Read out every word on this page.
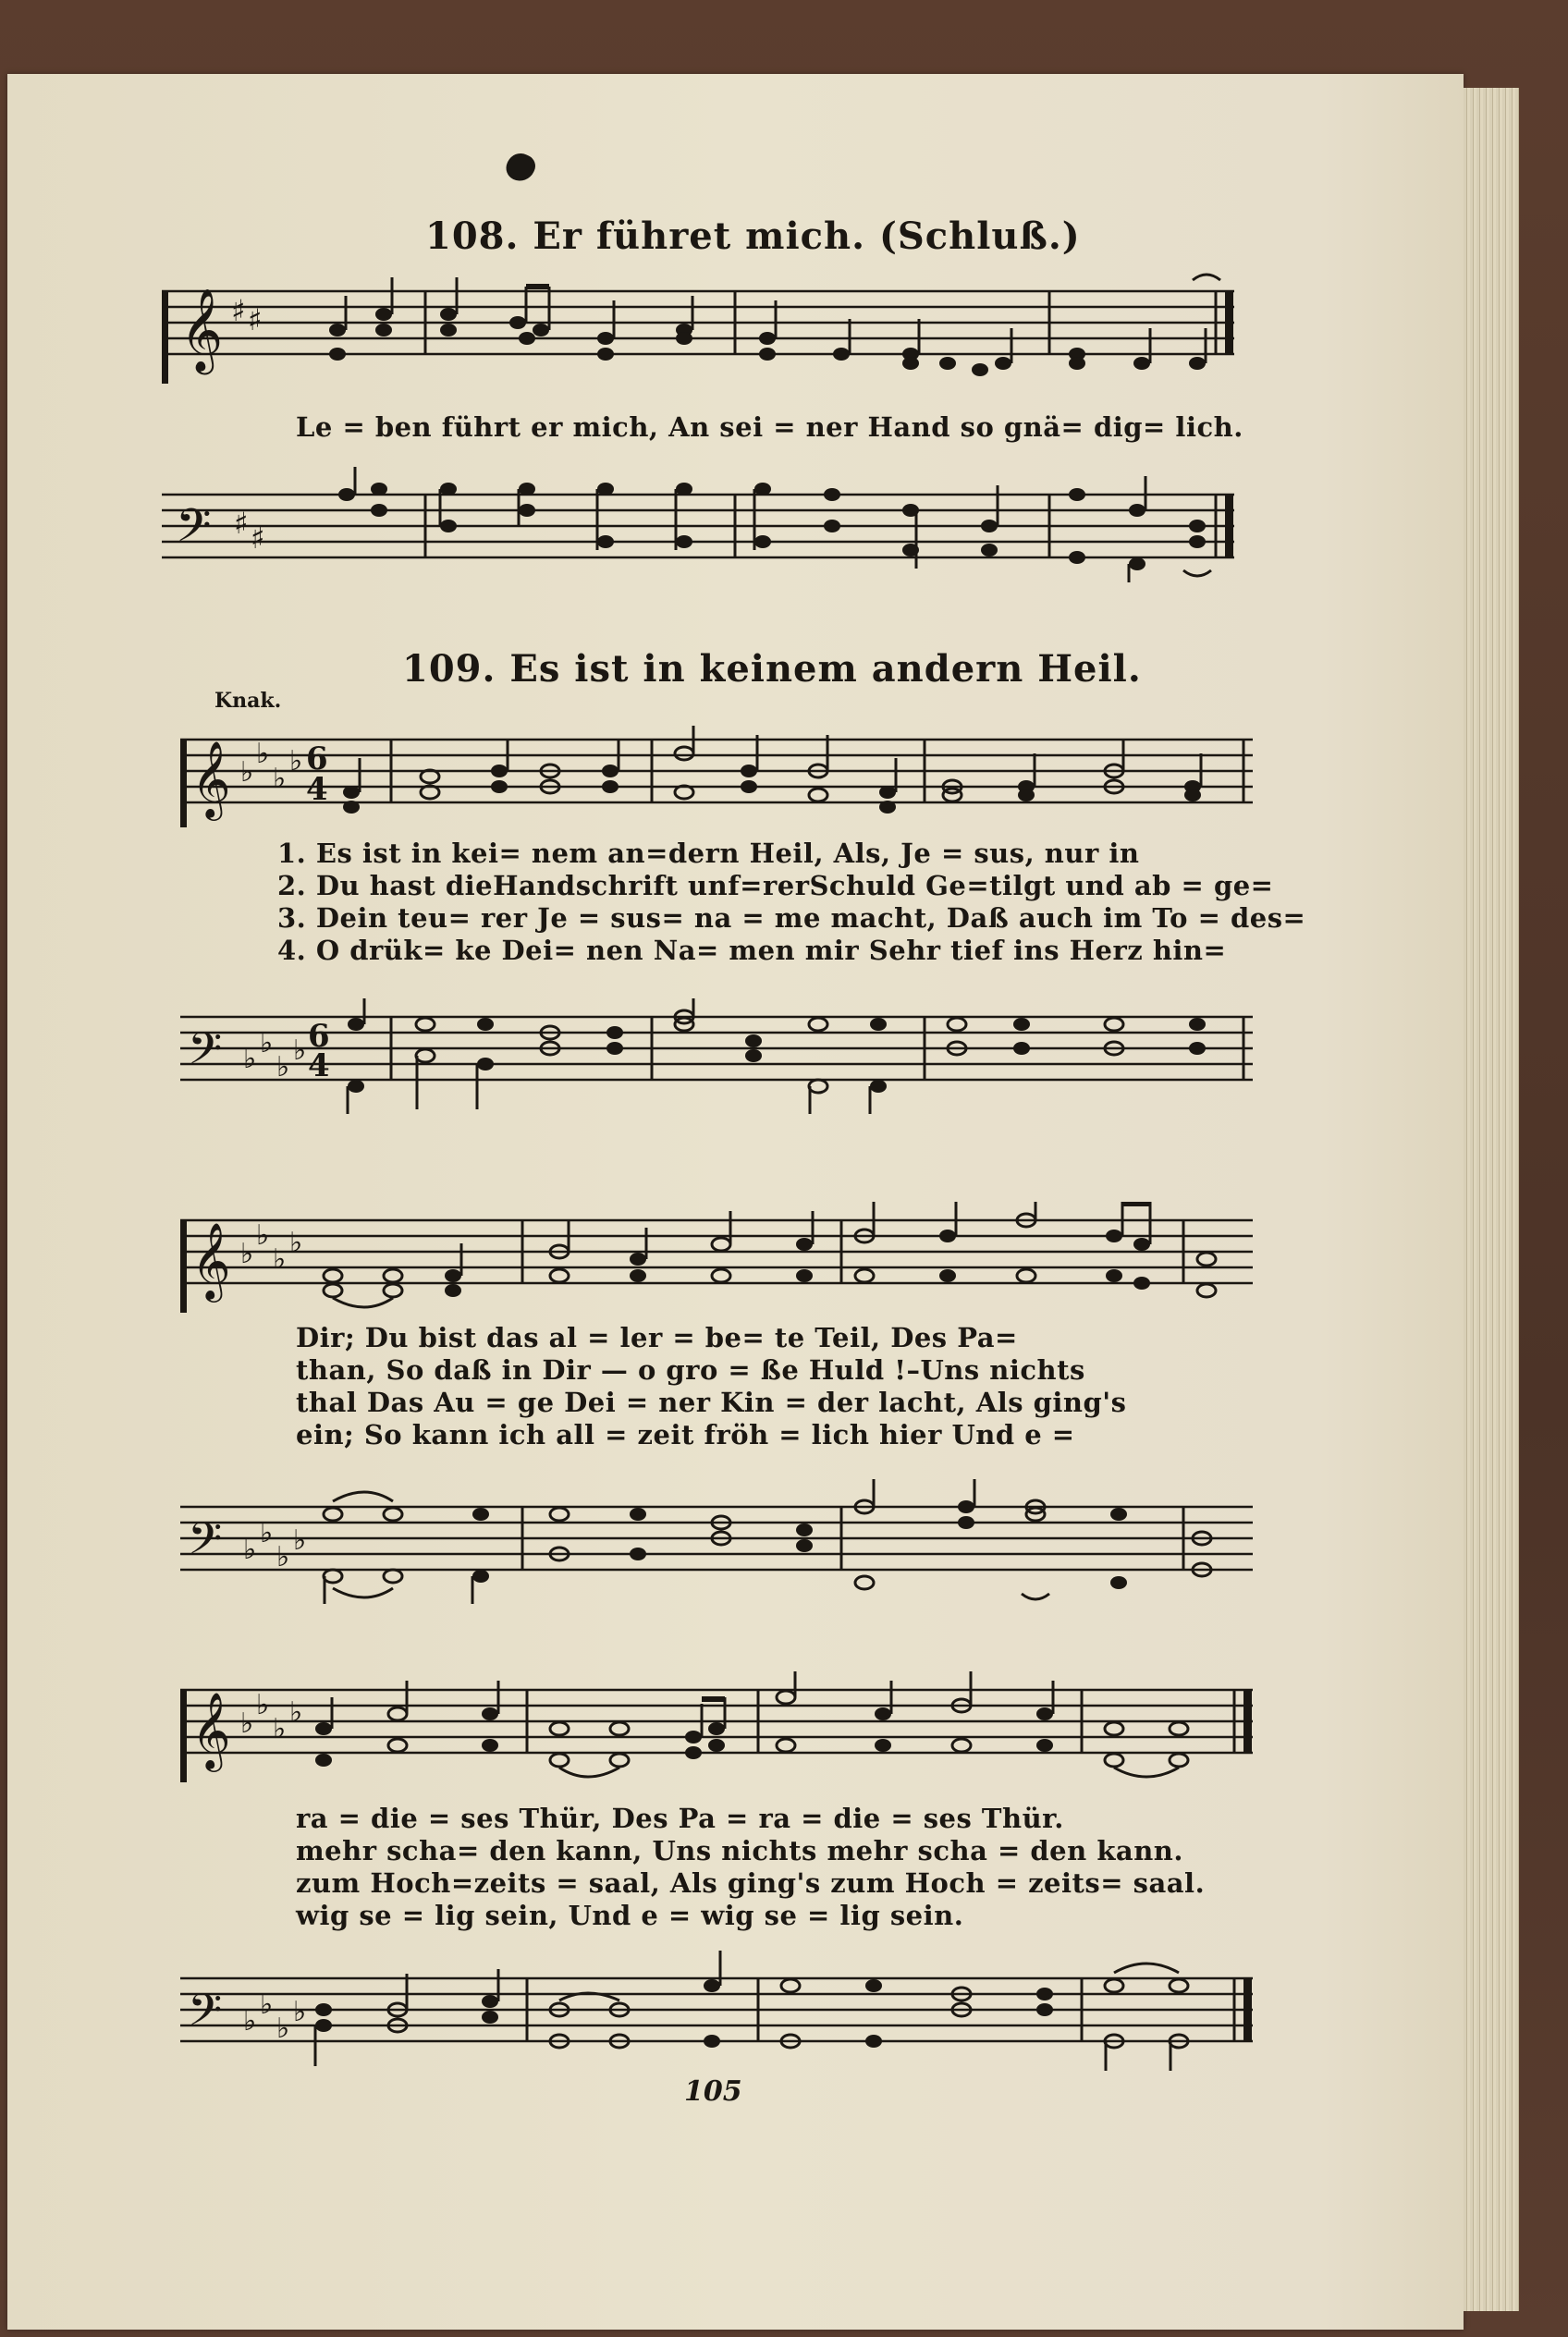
108. Er führet mich. (Schluß.)
𝄞 ♯ ♯
Le = ben führt er mich, An sei = ner Hand so gnä= dig= lich.
𝄢 ♯ ♯
109. Es ist in keinem andern Heil.
Knak.
𝄞 ♭
♭
♭
♭ 6
4
1. Es ist in kei= nem an=dern Heil, Als, Je = sus, nur in
2. Du hast dieHandschrift unf=rerSchuld Ge=tilgt und ab = ge=
3. Dein teu= rer Je = sus= na = me macht, Daß auch im To = des=
4. O drük= ke Dei= nen Na= men mir Sehr tief ins Herz hin=
𝄢 ♭ ♭
♭
♭ 6
4
𝄞 ♭
♭
♭
♭
Dir; Du bist das al = ler = be= te Teil, Des Pa=
than, So daß in Dir — o gro = ße Huld !–Uns nichts
thal Das Au = ge Dei = ner Kin = der lacht, Als ging's
ein; So kann ich all = zeit fröh = lich hier Und e =
𝄢 ♭
♭
♭
♭
𝄞 ♭
♭
♭
♭
ra = die = ses Thür, Des Pa = ra = die = ses Thür.
mehr scha= den kann, Uns nichts mehr scha = den kann.
zum Hoch=zeits = saal, Als ging's zum Hoch = zeits= saal.
wig se = lig sein, Und e = wig se = lig sein.
𝄢 ♭
♭
♭
♭
105
